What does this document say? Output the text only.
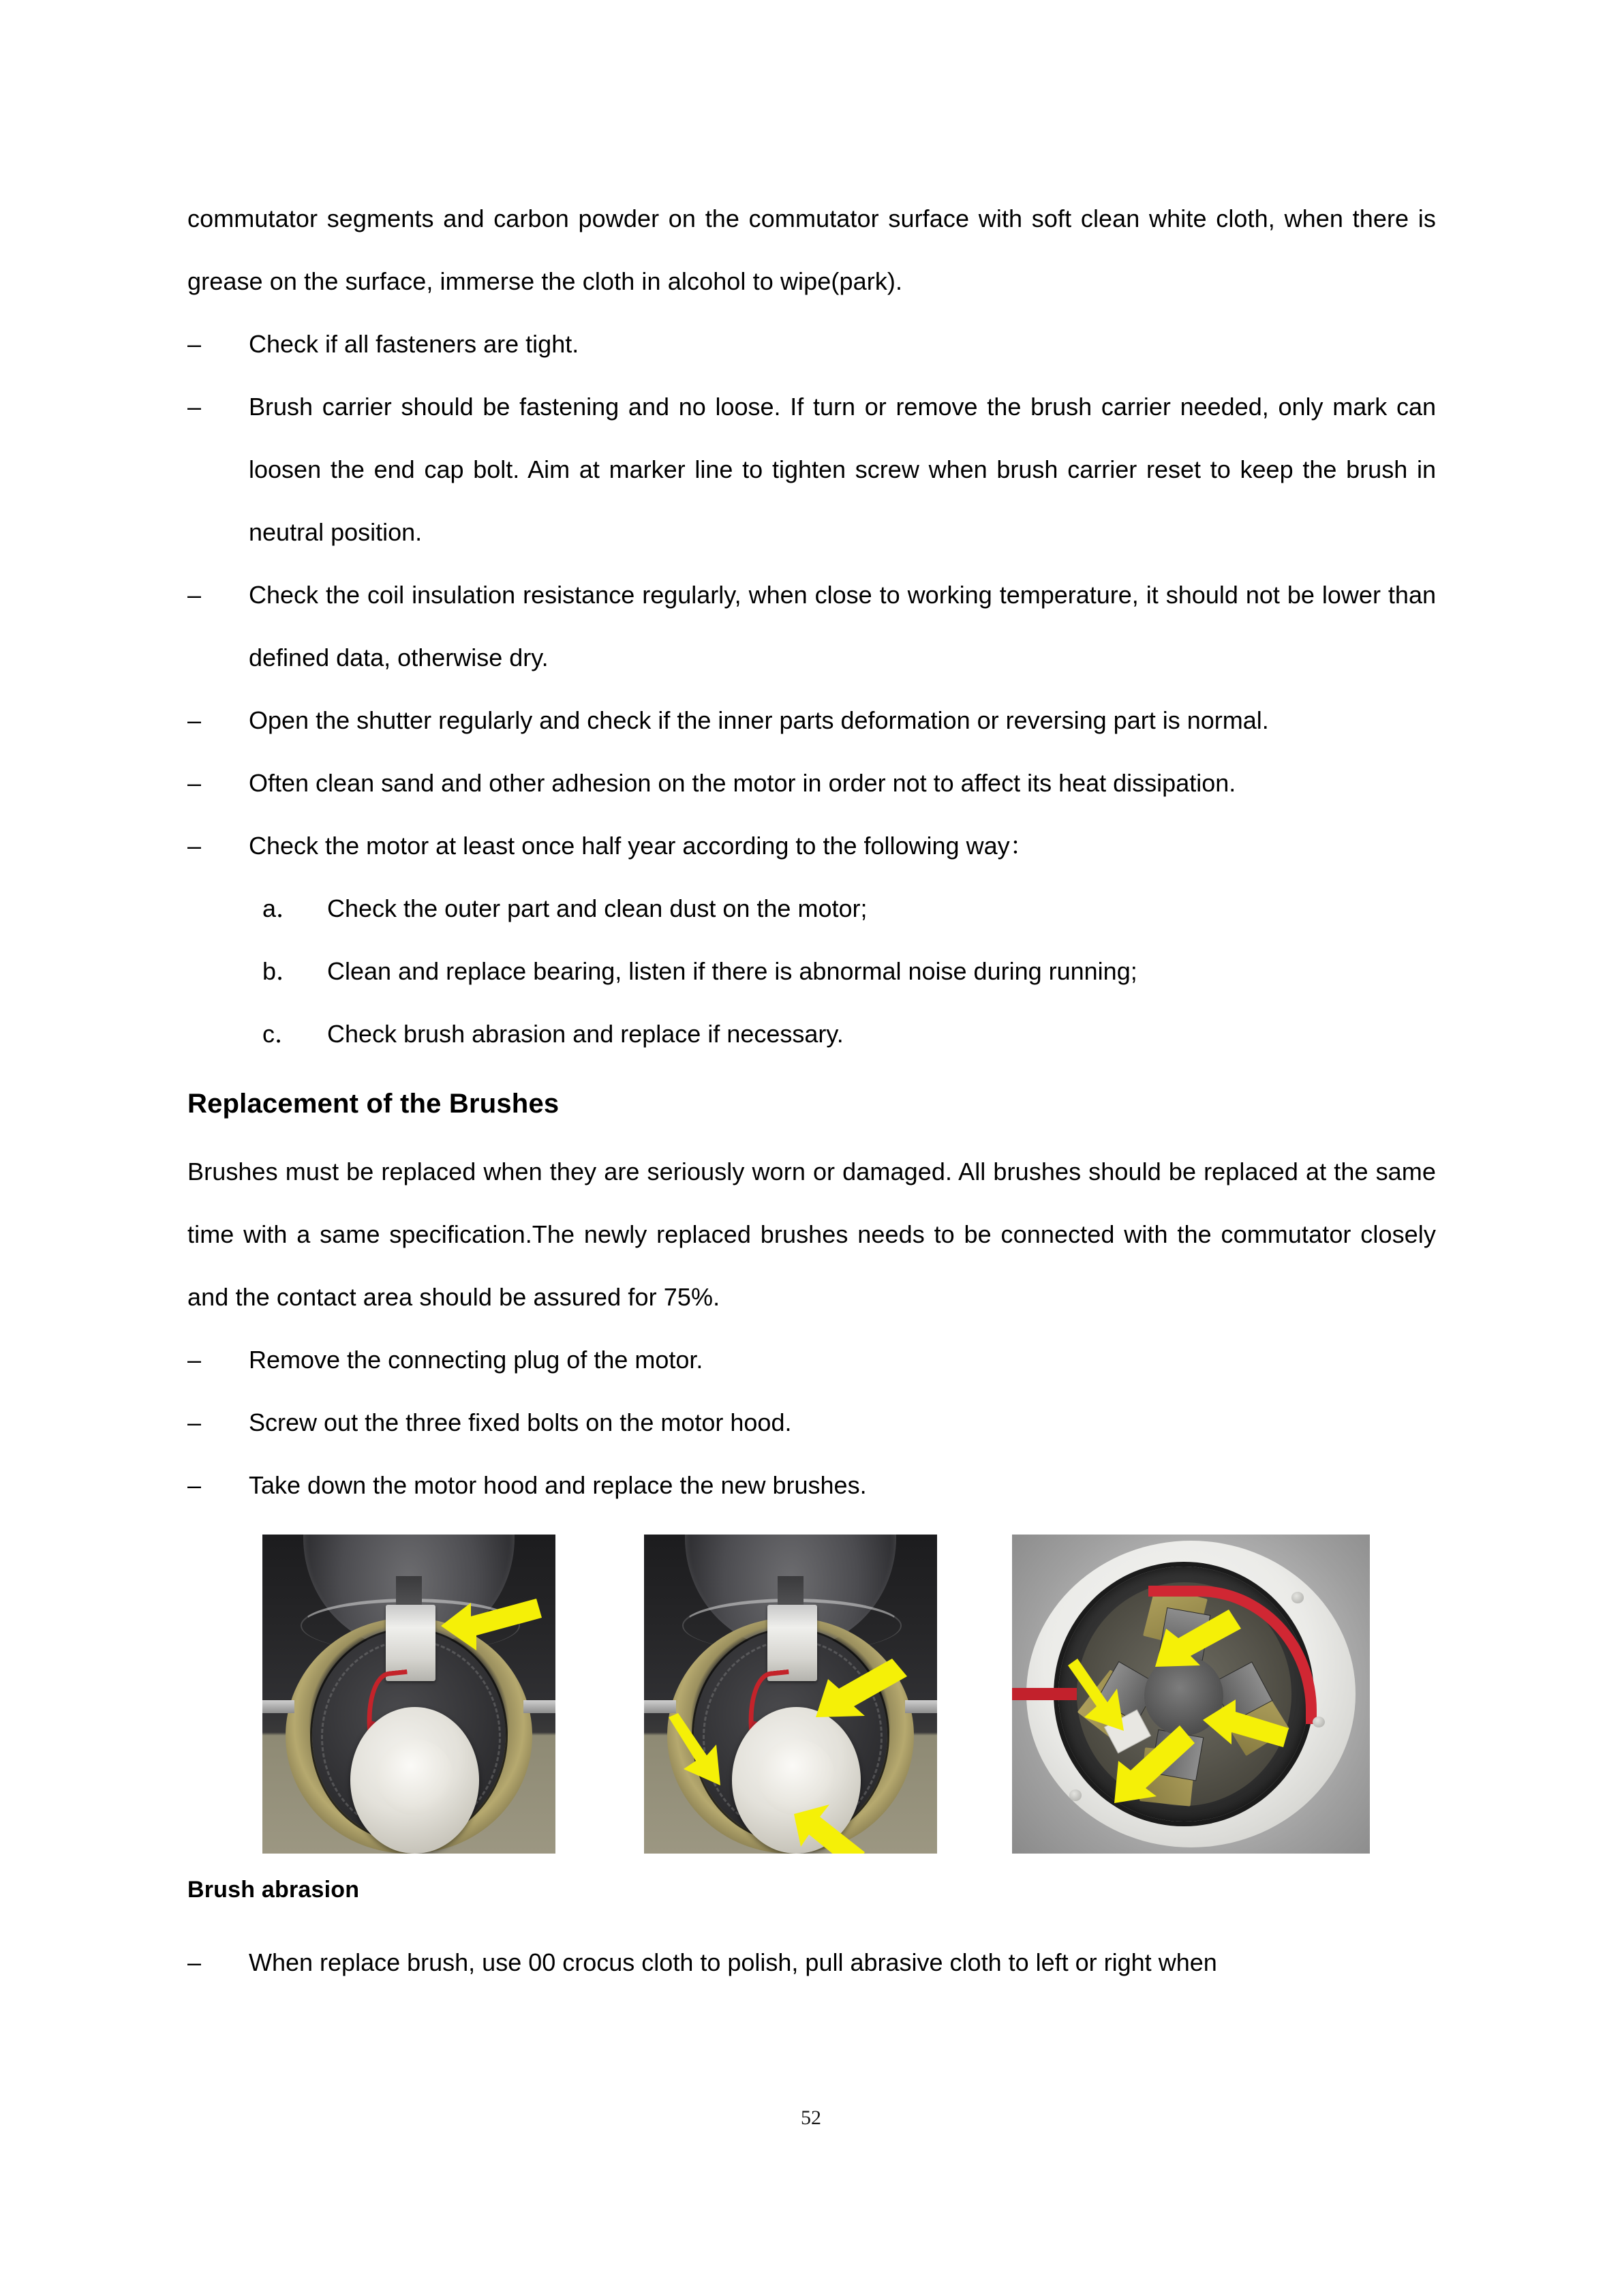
commutator segments and carbon powder on the commutator surface with soft clean white cloth, when there is grease on the surface, immerse the cloth in alcohol to wipe(park).

–	Check if all fasteners are tight.
–	Brush carrier should be fastening and no loose. If turn or remove the brush carrier needed, only mark can loosen the end cap bolt. Aim at marker line to tighten screw when brush carrier reset to keep the brush in neutral position.
–	Check the coil insulation resistance regularly, when close to working temperature, it should not be lower than defined data, otherwise dry.
–	Open the shutter regularly and check if the inner parts deformation or reversing part is normal.
–	Often clean sand and other adhesion on the motor in order not to affect its heat dissipation.
–	Check the motor at least once half year according to the following way：
a． Check the outer part and clean dust on the motor;
b． Clean and replace bearing, listen if there is abnormal noise during running;
c． Check brush abrasion and replace if necessary.
Replacement of the Brushes

Brushes must be replaced when they are seriously worn or damaged. All brushes should be replaced at the same time with a same specification.The newly replaced brushes needs to be connected with the commutator closely and the contact area should be assured for 75%.

–	Remove the connecting plug of the motor.
–	Screw out the three fixed bolts on the motor hood.
–	Take down the motor hood and replace the new brushes.
Brush abrasion
–	When replace brush, use 00 crocus cloth to polish, pull abrasive cloth to left or right when
52
